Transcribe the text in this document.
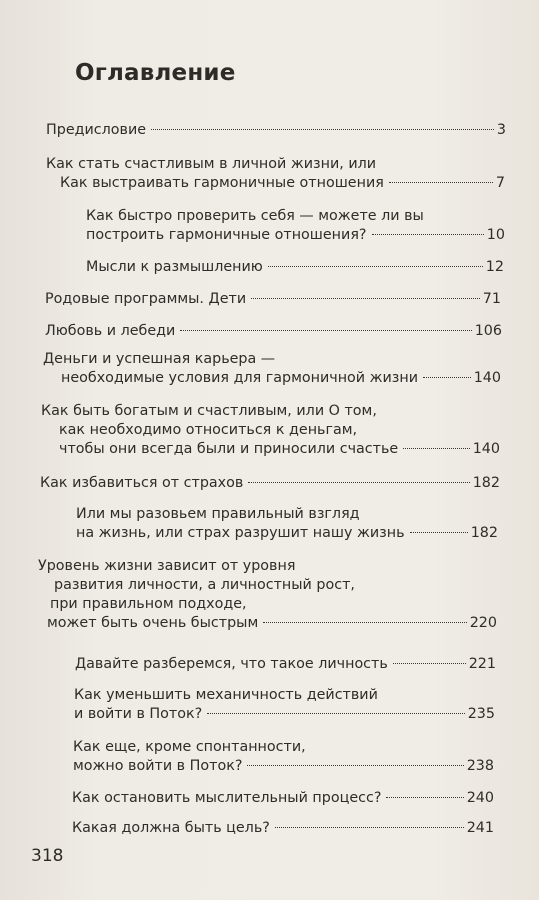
Оглавление
Предисловие	3
Как стать счастливым в личной жизни, или
Как выстраивать гармоничные отношения	7
Как быстро проверить себя — можете ли вы
построить гармоничные отношения?	10
Мысли к размышлению	12
Родовые программы. Дети	71
Любовь и лебеди	106
Деньги и успешная карьера —
необходимые условия для гармоничной жизни	140
Как быть богатым и счастливым, или О том,
как необходимо относиться к деньгам,
чтобы они всегда были и приносили счастье	140
Как избавиться от страхов	182
Или мы разовьем правильный взгляд
на жизнь, или страх разрушит нашу жизнь	182
Уровень жизни зависит от уровня
развития личности, а личностный рост,
при правильном подходе,
может быть очень быстрым	220
Давайте разберемся, что такое личность	221
Как уменьшить механичность действий
и войти в Поток?	235
Как еще, кроме спонтанности,
можно войти в Поток?	238
Как остановить мыслительный процесс?	240
Какая должна быть цель?	241
318
